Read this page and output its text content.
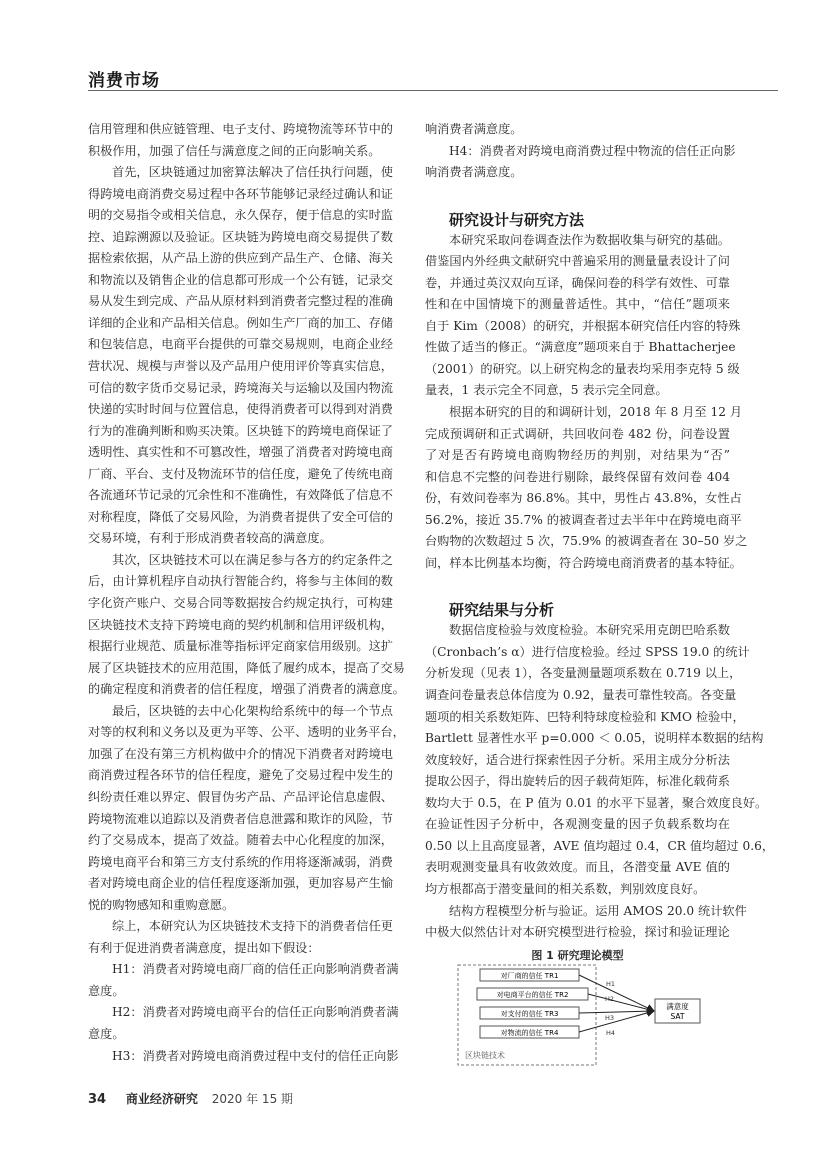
消费市场
信用管理和供应链管理、电子支付、跨境物流等环节中的
积极作用，加强了信任与满意度之间的正向影响关系。
首先，区块链通过加密算法解决了信任执行问题，使
得跨境电商消费交易过程中各环节能够记录经过确认和证
明的交易指令或相关信息，永久保存，便于信息的实时监
控、追踪溯源以及验证。区块链为跨境电商交易提供了数
据检索依据，从产品上游的供应到产品生产、仓储、海关
和物流以及销售企业的信息都可形成一个公有链，记录交
易从发生到完成、产品从原材料到消费者完整过程的准确
详细的企业和产品相关信息。例如生产厂商的加工、存储
和包装信息，电商平台提供的可靠交易规则，电商企业经
营状况、规模与声誉以及产品用户使用评价等真实信息，
可信的数字货币交易记录，跨境海关与运输以及国内物流
快递的实时时间与位置信息，使得消费者可以得到对消费
行为的准确判断和购买决策。区块链下的跨境电商保证了
透明性、真实性和不可篡改性，增强了消费者对跨境电商
厂商、平台、支付及物流环节的信任度，避免了传统电商
各流通环节记录的冗余性和不准确性，有效降低了信息不
对称程度，降低了交易风险，为消费者提供了安全可信的
交易环境，有利于形成消费者较高的满意度。
其次，区块链技术可以在满足参与各方的约定条件之
后，由计算机程序自动执行智能合约，将参与主体间的数
字化资产账户、交易合同等数据按合约规定执行，可构建
区块链技术支持下跨境电商的契约机制和信用评级机构，
根据行业规范、质量标准等指标评定商家信用级别。这扩
展了区块链技术的应用范围，降低了履约成本，提高了交易
的确定程度和消费者的信任程度，增强了消费者的满意度。
最后，区块链的去中心化架构给系统中的每一个节点
对等的权利和义务以及更为平等、公平、透明的业务平台，
加强了在没有第三方机构做中介的情况下消费者对跨境电
商消费过程各环节的信任程度，避免了交易过程中发生的
纠纷责任难以界定、假冒伪劣产品、产品评论信息虚假、
跨境物流难以追踪以及消费者信息泄露和欺诈的风险，节
约了交易成本，提高了效益。随着去中心化程度的加深，
跨境电商平台和第三方支付系统的作用将逐渐减弱，消费
者对跨境电商企业的信任程度逐渐加强，更加容易产生愉
悦的购物感知和重购意愿。
综上，本研究认为区块链技术支持下的消费者信任更
有利于促进消费者满意度，提出如下假设：
H1：消费者对跨境电商厂商的信任正向影响消费者满
意度。
H2：消费者对跨境电商平台的信任正向影响消费者满
意度。
H3：消费者对跨境电商消费过程中支付的信任正向影
响消费者满意度。
H4：消费者对跨境电商消费过程中物流的信任正向影
响消费者满意度。
研究设计与研究方法
本研究采取问卷调查法作为数据收集与研究的基础。
借鉴国内外经典文献研究中普遍采用的测量量表设计了问
卷，并通过英汉双向互译，确保问卷的科学有效性、可靠
性和在中国情境下的测量普适性。其中，“信任”题项来
自于 Kim（2008）的研究，并根据本研究信任内容的特殊
性做了适当的修正。“满意度”题项来自于 Bhattacherjee
（2001）的研究。以上研究构念的量表均采用李克特 5 级
量表，1 表示完全不同意，5 表示完全同意。
根据本研究的目的和调研计划，2018 年 8 月至 12 月
完成预调研和正式调研，共回收问卷 482 份，问卷设置
了对是否有跨境电商购物经历的判别，对结果为“否”
和信息不完整的问卷进行剔除，最终保留有效问卷 404
份，有效问卷率为 86.8%。其中，男性占 43.8%，女性占
56.2%，接近 35.7% 的被调查者过去半年中在跨境电商平
台购物的次数超过 5 次，75.9% 的被调查者在 30–50 岁之
间，样本比例基本均衡，符合跨境电商消费者的基本特征。
研究结果与分析
数据信度检验与效度检验。本研究采用克朗巴哈系数
（Cronbach’s α）进行信度检验。经过 SPSS 19.0 的统计
分析发现（见表 1），各变量测量题项系数在 0.719 以上，
调查问卷量表总体信度为 0.92，量表可靠性较高。各变量
题项的相关系数矩阵、巴特利特球度检验和 KMO 检验中，
Bartlett 显著性水平 p=0.000 ＜ 0.05，说明样本数据的结构
效度较好，适合进行探索性因子分析。采用主成分分析法
提取公因子，得出旋转后的因子载荷矩阵，标准化载荷系
数均大于 0.5，在 P 值为 0.01 的水平下显著，聚合效度良好。
在验证性因子分析中，各观测变量的因子负载系数均在
0.50 以上且高度显著，AVE 值均超过 0.4，CR 值均超过 0.6，
表明观测变量具有收敛效度。而且，各潜变量 AVE 值的
均方根都高于潜变量间的相关系数，判别效度良好。
结构方程模型分析与验证。运用 AMOS 20.0 统计软件
中极大似然估计对本研究模型进行检验，探讨和验证理论
图 1 研究理论模型
对厂商的信任 TR1
H1
对电商平台的信任 TR2	H2
对支付的信任 TR3	H3
对物流的信任 TR4	H4
满意度
SAT
区块链技术
34 商业经济研究 2020 年 15 期
